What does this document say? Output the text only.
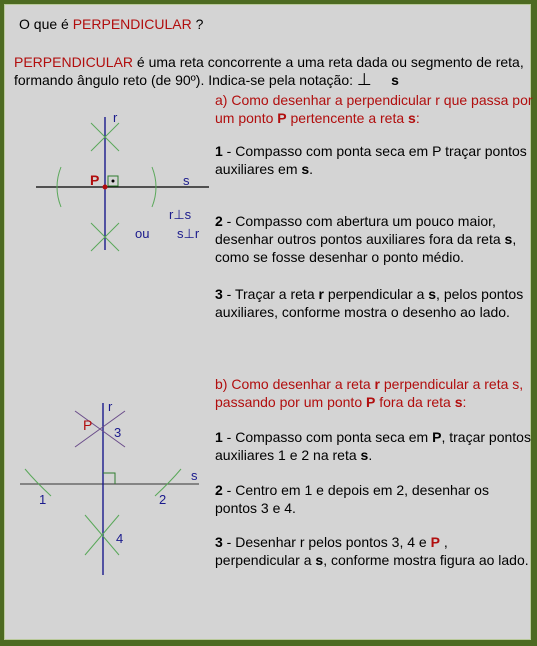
O que é PERPENDICULAR ?
PERPENDICULAR é uma reta concorrente a uma reta dada ou segmento de reta, formando ângulo reto (de 90º). Indica-se pela notação: ⊥ s
a) Como desenhar a perpendicular r que passa por um ponto P pertencente a reta s:
1 - Compasso com ponta seca em P traçar pontos auxiliares em s.
2 - Compasso com abertura um pouco maior, desenhar outros pontos auxiliares fora da reta s, como se fosse desenhar o ponto médio.
3 - Traçar a reta r perpendicular a s, pelos pontos auxiliares, conforme mostra o desenho ao lado.
b) Como desenhar a reta r perpendicular a reta s, passando por um ponto P fora da reta s:
1 - Compasso com ponta seca em P, traçar pontos auxiliares 1 e 2 na reta s.
2 - Centro em 1 e depois em 2, desenhar os pontos 3 e 4.
3 - Desenhar r pelos pontos 3, 4 e P , perpendicular a s, conforme mostra figura ao lado.
r
P	s
r⊥s
ou s⊥r
r
P 3
s
1	2
4
